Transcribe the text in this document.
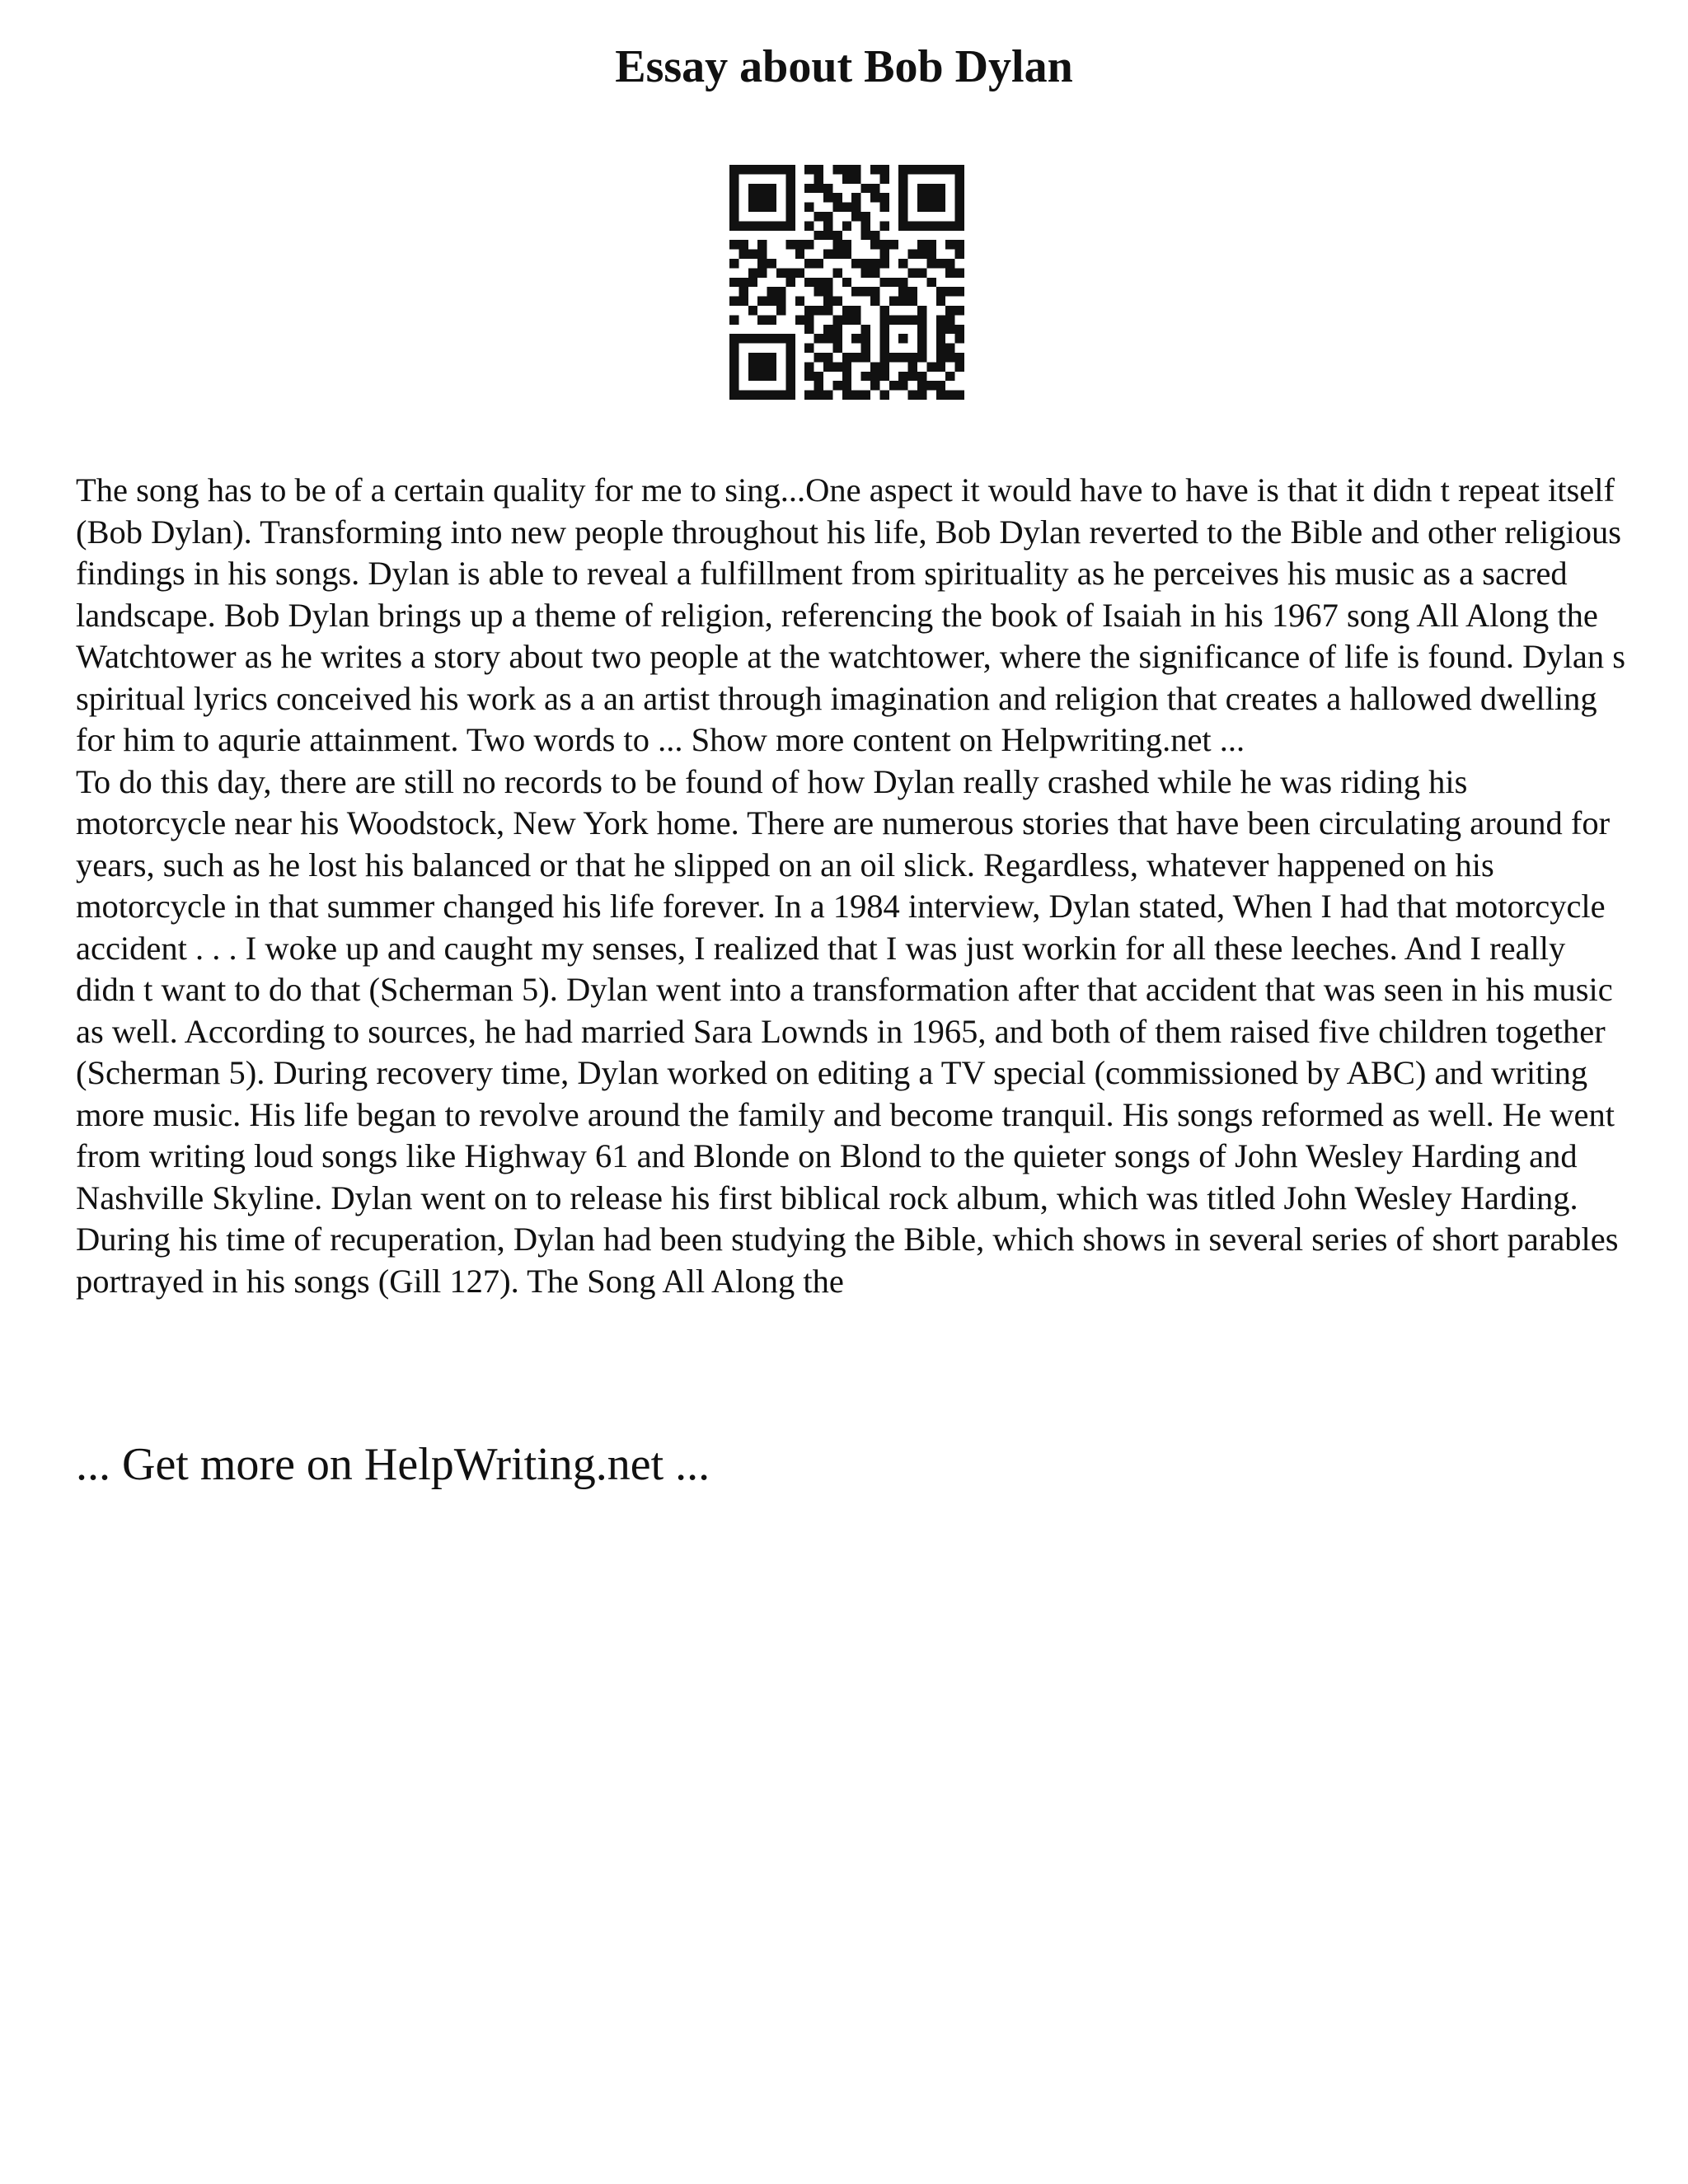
Essay about Bob Dylan

The song has to be of a certain quality for me to sing...One aspect it would have to have is that it didn t repeat itself (Bob Dylan). Transforming into new people throughout his life, Bob Dylan reverted to the Bible and other religious findings in his songs. Dylan is able to reveal a fulfillment from spirituality as he perceives his music as a sacred landscape. Bob Dylan brings up a theme of religion, referencing the book of Isaiah in his 1967 song All Along the Watchtower as he writes a story about two people at the watchtower, where the significance of life is found. Dylan s spiritual lyrics conceived his work as a an artist through imagination and religion that creates a hallowed dwelling for him to aqurie attainment. Two words to ... Show more content on Helpwriting.net ...

To do this day, there are still no records to be found of how Dylan really crashed while he was riding his motorcycle near his Woodstock, New York home. There are numerous stories that have been circulating around for years, such as he lost his balanced or that he slipped on an oil slick. Regardless, whatever happened on his motorcycle in that summer changed his life forever. In a 1984 interview, Dylan stated, When I had that motorcycle accident . . . I woke up and caught my senses, I realized that I was just workin for all these leeches. And I really didn t want to do that (Scherman 5). Dylan went into a transformation after that accident that was seen in his music as well. According to sources, he had married Sara Lownds in 1965, and both of them raised five children together (Scherman 5). During recovery time, Dylan worked on editing a TV special (commissioned by ABC) and writing more music. His life began to revolve around the family and become tranquil. His songs reformed as well. He went from writing loud songs like Highway 61 and Blonde on Blond to the quieter songs of John Wesley Harding and Nashville Skyline. Dylan went on to release his first biblical rock album, which was titled John Wesley Harding. During his time of recuperation, Dylan had been studying the Bible, which shows in several series of short parables portrayed in his songs (Gill 127). The Song All Along the

... Get more on HelpWriting.net ...
